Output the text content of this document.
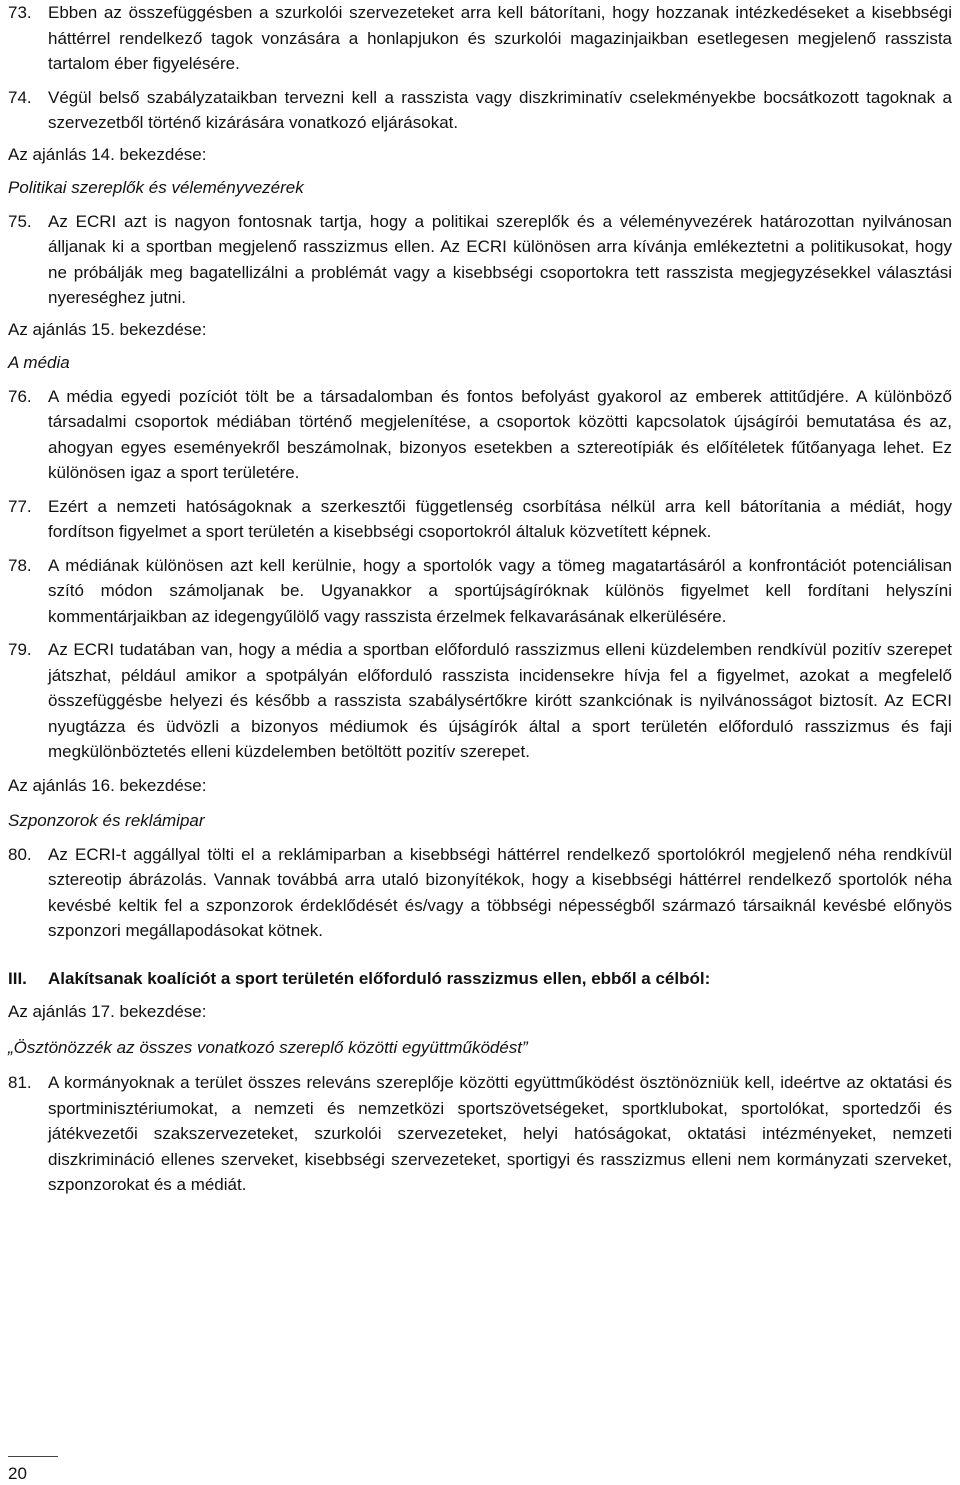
73. Ebben az összefüggésben a szurkolói szervezeteket arra kell bátorítani, hogy hozzanak intézkedéseket a kisebbségi háttérrel rendelkező tagok vonzására a honlapjukon és szurkolói magazinjaikban esetlegesen megjelenő rasszista tartalom éber figyelésére.
74. Végül belső szabályzataikban tervezni kell a rasszista vagy diszkriminatív cselekményekbe bocsátkozott tagoknak a szervezetből történő kizárására vonatkozó eljárásokat.
Az ajánlás 14. bekezdése:
Politikai szereplők és véleményvezérek
75. Az ECRI azt is nagyon fontosnak tartja, hogy a politikai szereplők és a véleményvezérek határozottan nyilvánosan álljanak ki a sportban megjelenő rasszizmus ellen. Az ECRI különösen arra kívánja emlékeztetni a politikusokat, hogy ne próbálják meg bagatellizálni a problémát vagy a kisebbségi csoportokra tett rasszista megjegyzésekkel választási nyereséghez jutni.
Az ajánlás 15. bekezdése:
A média
76. A média egyedi pozíciót tölt be a társadalomban és fontos befolyást gyakorol az emberek attitűdjére. A különböző társadalmi csoportok médiában történő megjelenítése, a csoportok közötti kapcsolatok újságírói bemutatása és az, ahogyan egyes eseményekről beszámolnak, bizonyos esetekben a sztereotípiák és előítéletek fűtőanyaga lehet. Ez különösen igaz a sport területére.
77. Ezért a nemzeti hatóságoknak a szerkesztői függetlenség csorbítása nélkül arra kell bátorítania a médiát, hogy fordítson figyelmet a sport területén a kisebbségi csoportokról általuk közvetített képnek.
78. A médiának különösen azt kell kerülnie, hogy a sportolók vagy a tömeg magatartásáról a konfrontációt potenciálisan szító módon számoljanak be. Ugyanakkor a sportújságíróknak különös figyelmet kell fordítani helyszíni kommentárjaikban az idegengyűlölő vagy rasszista érzelmek felkavarásának elkerülésére.
79. Az ECRI tudatában van, hogy a média a sportban előforduló rasszizmus elleni küzdelemben rendkívül pozitív szerepet játszhat, például amikor a spotpályán előforduló rasszista incidensekre hívja fel a figyelmet, azokat a megfelelő összefüggésbe helyezi és később a rasszista szabálysértőkre kirótt szankciónak is nyilvánosságot biztosít. Az ECRI nyugtázza és üdvözli a bizonyos médiumok és újságírók által a sport területén előforduló rasszizmus és faji megkülönböztetés elleni küzdelemben betöltött pozitív szerepet.
Az ajánlás 16. bekezdése:
Szponzorok és reklámipar
80. Az ECRI-t aggállyal tölti el a reklámiparban a kisebbségi háttérrel rendelkező sportolókról megjelenő néha rendkívül sztereotip ábrázolás. Vannak továbbá arra utaló bizonyítékok, hogy a kisebbségi háttérrel rendelkező sportolók néha kevésbé keltik fel a szponzorok érdeklődését és/vagy a többségi népességből származó társaiknál kevésbé előnyös szponzori megállapodásokat kötnek.
III.	Alakítsanak koalíciót a sport területén előforduló rasszizmus ellen, ebből a célból:
Az ajánlás 17. bekezdése:
„Ösztönözzék az összes vonatkozó szereplő közötti együttműködést”
81. A kormányoknak a terület összes releváns szereplője közötti együttműködést ösztönözniük kell, ideértve az oktatási és sportminisztériumokat, a nemzeti és nemzetközi sportszövetségeket, sportklubokat, sportolókat, sportedzői és játékvezetői szakszervezeteket, szurkolói szervezeteket, helyi hatóságokat, oktatási intézményeket, nemzeti diszkrimináció ellenes szerveket, kisebbségi szervezeteket, sportigyi és rasszizmus elleni nem kormányzati szerveket, szponzorokat és a médiát.
20
